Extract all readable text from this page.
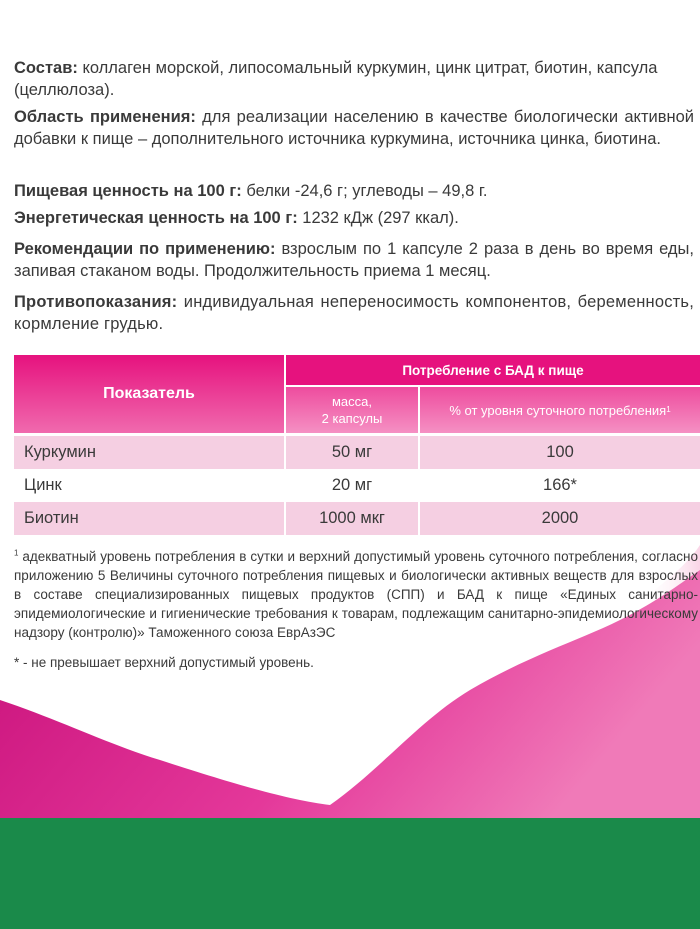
Состав: коллаген морской, липосомальный куркумин, цинк цитрат, биотин, капсула (целлюлоза).
Область применения: для реализации населению в качестве биологически активной добавки к пище – дополнительного источника куркумина, источника цинка, биотина.
Пищевая ценность на 100 г: белки -24,6 г; углеводы – 49,8 г.
Энергетическая ценность на 100 г: 1232 кДж (297 ккал).
Рекомендации по применению: взрослым по 1 капсуле 2 раза в день во время еды, запивая стаканом воды. Продолжительность приема 1 месяц.
Противопоказания: индивидуальная непереносимость компонентов, беременность, кормление грудью.
Показатель
Потребление с БАД к пище
масса,
2 капсулы
% от уровня суточного потребления 1
Куркумин	50 мг	100
Цинк	20 мг	166*
Биотин	1000 мкг	2000
$^1$ адекватный уровень потребления в сутки и верхний допустимый уровень суточного потребления, согласно приложению 5 Величины суточного потребления пищевых и биологически активных веществ для взрослых в составе специализированных пищевых продуктов (СПП) и БАД к пище «Единых санитарно-эпидемиологические и гигиенические требования к товарам, подлежащим санитарно-эпидемиологическому надзору (контролю)» Таможенного союза ЕврАзЭС
* - не превышает верхний допустимый уровень.
